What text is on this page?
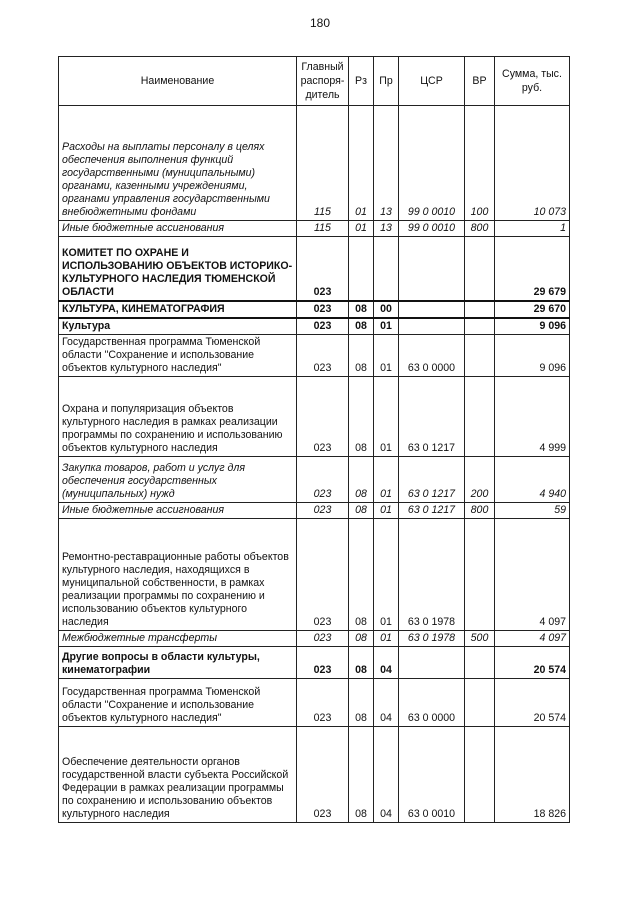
180
Наименование	Главный распоря-дитель	Рз	Пр	ЦСР	ВР	Сумма, тыс. руб.
Расходы на выплаты персоналу в целях обеспечения выполнения функций государственными (муниципальными) органами, казенными учреждениями, органами управления государственными внебюджетными фондами	115	01	13	99 0 0010	100	10 073
Иные бюджетные ассигнования	115	01	13	99 0 0010	800	1
КОМИТЕТ ПО ОХРАНЕ И ИСПОЛЬЗОВАНИЮ ОБЪЕКТОВ ИСТОРИКО-КУЛЬТУРНОГО НАСЛЕДИЯ ТЮМЕНСКОЙ ОБЛАСТИ	023					29 679
КУЛЬТУРА, КИНЕМАТОГРАФИЯ	023	08	00			29 670
Культура	023	08	01			9 096
Государственная программа Тюменской области "Сохранение и использование объектов культурного наследия"	023	08	01	63 0 0000		9 096
Охрана и популяризация объектов культурного наследия в рамках реализации программы по сохранению и использованию объектов культурного наследия	023	08	01	63 0 1217		4 999
Закупка товаров, работ и услуг для обеспечения государственных (муниципальных) нужд	023	08	01	63 0 1217	200	4 940
Иные бюджетные ассигнования	023	08	01	63 0 1217	800	59
Ремонтно-реставрационные работы объектов культурного наследия, находящихся в муниципальной собственности, в рамках реализации программы по сохранению и использованию объектов культурного наследия	023	08	01	63 0 1978		4 097
Межбюджетные трансферты	023	08	01	63 0 1978	500	4 097
Другие вопросы в области культуры, кинематографии	023	08	04			20 574
Государственная программа Тюменской области "Сохранение и использование объектов культурного наследия"	023	08	04	63 0 0000		20 574
Обеспечение деятельности органов государственной власти субъекта Российской Федерации в рамках реализации программы по сохранению и использованию объектов культурного наследия	023	08	04	63 0 0010		18 826
